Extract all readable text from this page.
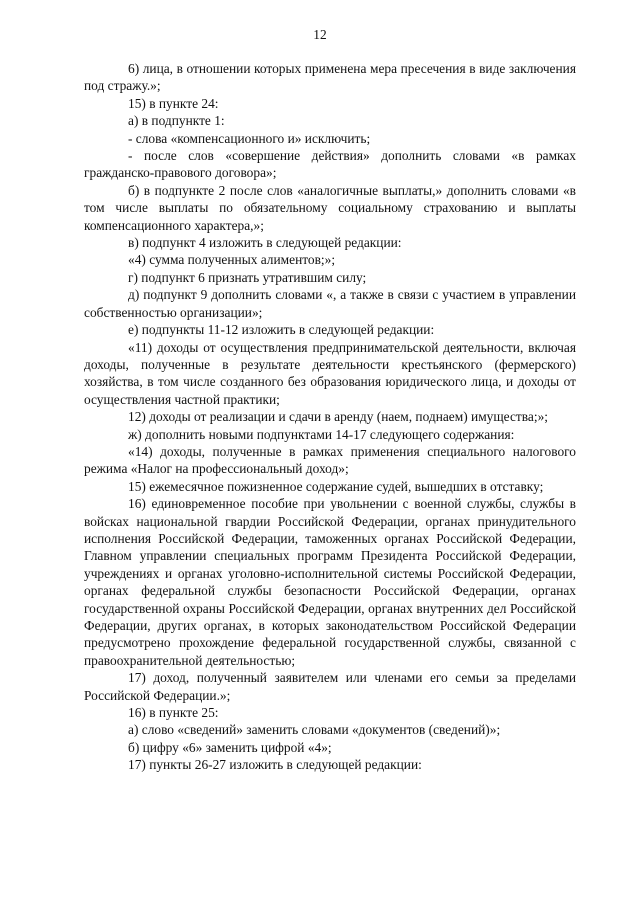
12

6) лица, в отношении которых применена мера пресечения в виде заключения под стражу.»;

15) в пункте 24:

а) в подпункте 1:

- слова «компенсационного и» исключить;

- после слов «совершение действия» дополнить словами «в рамках гражданско-правового договора»;

б) в подпункте 2 после слов «аналогичные выплаты,» дополнить словами «в том числе выплаты по обязательному социальному страхованию и выплаты компенсационного характера,»;

в) подпункт 4 изложить в следующей редакции:

«4) сумма полученных алиментов;»;

г) подпункт 6 признать утратившим силу;

д) подпункт 9 дополнить словами «, а также в связи с участием в управлении собственностью организации»;

е) подпункты 11-12 изложить в следующей редакции:

«11) доходы от осуществления предпринимательской деятельности, включая доходы, полученные в результате деятельности крестьянского (фермерского) хозяйства, в том числе созданного без образования юридического лица, и доходы от осуществления частной практики;

12) доходы от реализации и сдачи в аренду (наем, поднаем) имущества;»;

ж) дополнить новыми подпунктами 14-17 следующего содержания:

«14) доходы, полученные в рамках применения специального налогового режима «Налог на профессиональный доход»;

15) ежемесячное пожизненное содержание судей, вышедших в отставку;

16) единовременное пособие при увольнении с военной службы, службы в войсках национальной гвардии Российской Федерации, органах принудительного исполнения Российской Федерации, таможенных органах Российской Федерации, Главном управлении специальных программ Президента Российской Федерации, учреждениях и органах уголовно-исполнительной системы Российской Федерации, органах федеральной службы безопасности Российской Федерации, органах государственной охраны Российской Федерации, органах внутренних дел Российской Федерации, других органах, в которых законодательством Российской Федерации предусмотрено прохождение федеральной государственной службы, связанной с правоохранительной деятельностью;

17) доход, полученный заявителем или членами его семьи за пределами Российской Федерации.»;

16) в пункте 25:

а) слово «сведений» заменить словами «документов (сведений)»;

б) цифру «6» заменить цифрой «4»;

17) пункты 26-27 изложить в следующей редакции:
